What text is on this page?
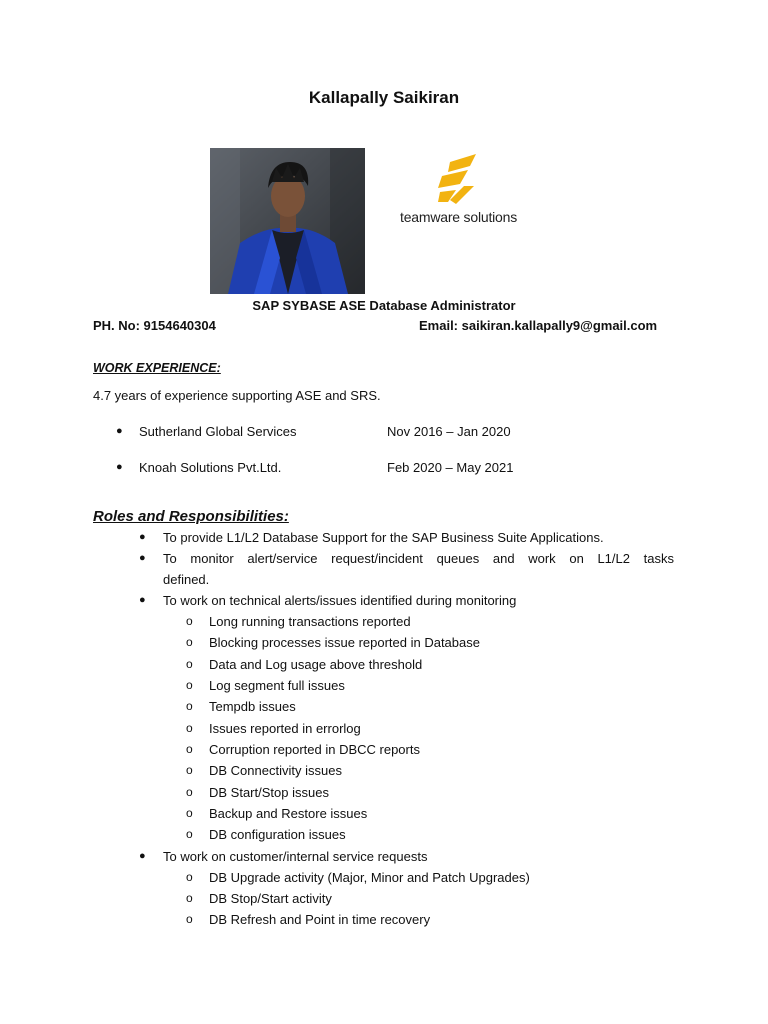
Kallapally Saikiran
teamware solutions
SAP SYBASE ASE Database Administrator
PH. No: 9154640304	Email: saikiran.kallapally9@gmail.com
WORK EXPERIENCE:
4.7 years of experience supporting ASE and SRS.
● Sutherland Global Services	Nov 2016 – Jan 2020
● Knoah Solutions Pvt.Ltd.	Feb 2020 – May 2021
Roles and Responsibilities:
● To provide L1/L2 Database Support for the SAP Business Suite Applications.
● To monitor alert/service request/incident queues and work on L1/L2 tasks
defined.
● To work on technical alerts/issues identified during monitoring
o Long running transactions reported
o Blocking processes issue reported in Database
o Data and Log usage above threshold
o Log segment full issues
o Tempdb issues
o Issues reported in errorlog
o Corruption reported in DBCC reports
o DB Connectivity issues
o DB Start/Stop issues
o Backup and Restore issues
o DB configuration issues
● To work on customer/internal service requests
o DB Upgrade activity (Major, Minor and Patch Upgrades)
o DB Stop/Start activity
o DB Refresh and Point in time recovery
